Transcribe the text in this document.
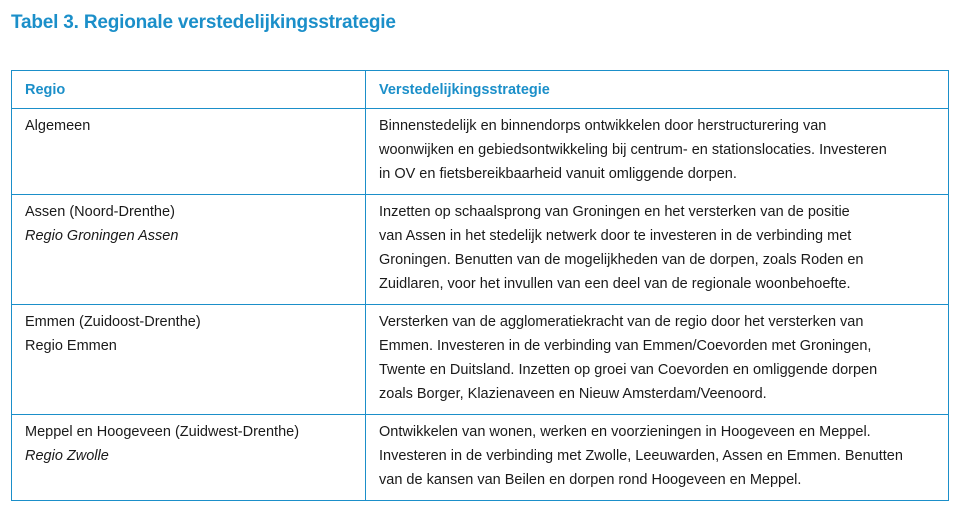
Tabel 3. Regionale verstedelijkingsstrategie
Regio	Verstedelijkingsstrategie

Algemeen	Binnenstedelijk en binnendorps ontwikkelen door herstructurering van
woonwijken en gebiedsontwikkeling bij centrum- en stationslocaties. Investeren
in OV en fietsbereikbaarheid vanuit omliggende dorpen.

Assen (Noord-Drenthe)
Regio Groningen Assen	Inzetten op schaalsprong van Groningen en het versterken van de positie
van Assen in het stedelijk netwerk door te investeren in de verbinding met
Groningen. Benutten van de mogelijkheden van de dorpen, zoals Roden en
Zuidlaren, voor het invullen van een deel van de regionale woonbehoefte.

Emmen (Zuidoost-Drenthe)
Regio Emmen	Versterken van de agglomeratiekracht van de regio door het versterken van
Emmen. Investeren in de verbinding van Emmen/Coevorden met Groningen,
Twente en Duitsland. Inzetten op groei van Coevorden en omliggende dorpen
zoals Borger, Klazienaveen en Nieuw Amsterdam/Veenoord.

Meppel en Hoogeveen (Zuidwest-Drenthe)
Regio Zwolle	Ontwikkelen van wonen, werken en voorzieningen in Hoogeveen en Meppel.
Investeren in de verbinding met Zwolle, Leeuwarden, Assen en Emmen. Benutten
van de kansen van Beilen en dorpen rond Hoogeveen en Meppel.
